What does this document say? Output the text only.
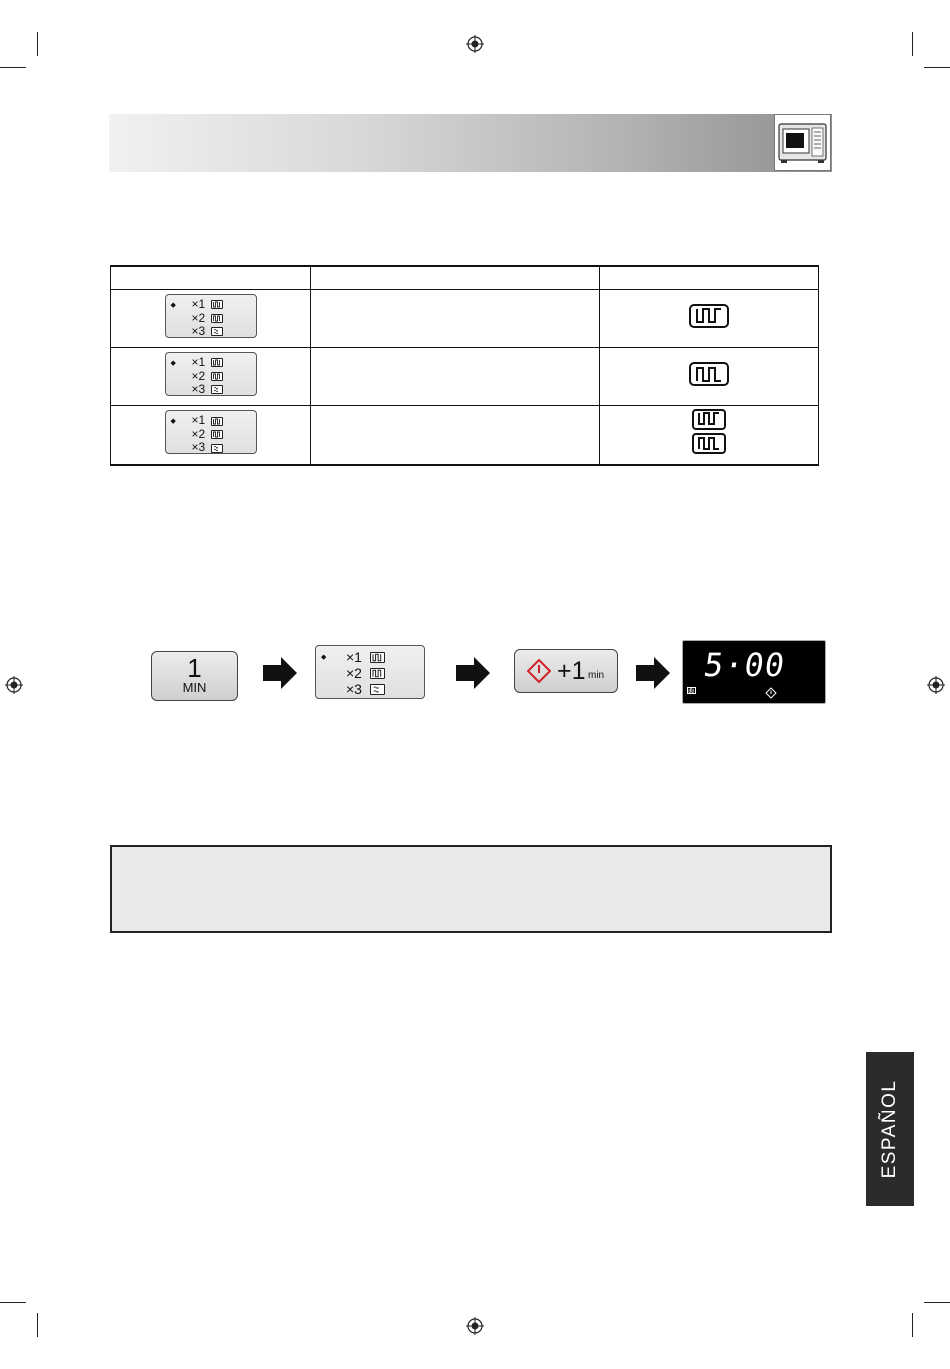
◆ ×1
×2
×3

◆ ×1
×2
×3

◆ ×1
×2
×3

1
MIN
◆ ×1
×2
×3
+1 min	5·00
ESPAÑOL
